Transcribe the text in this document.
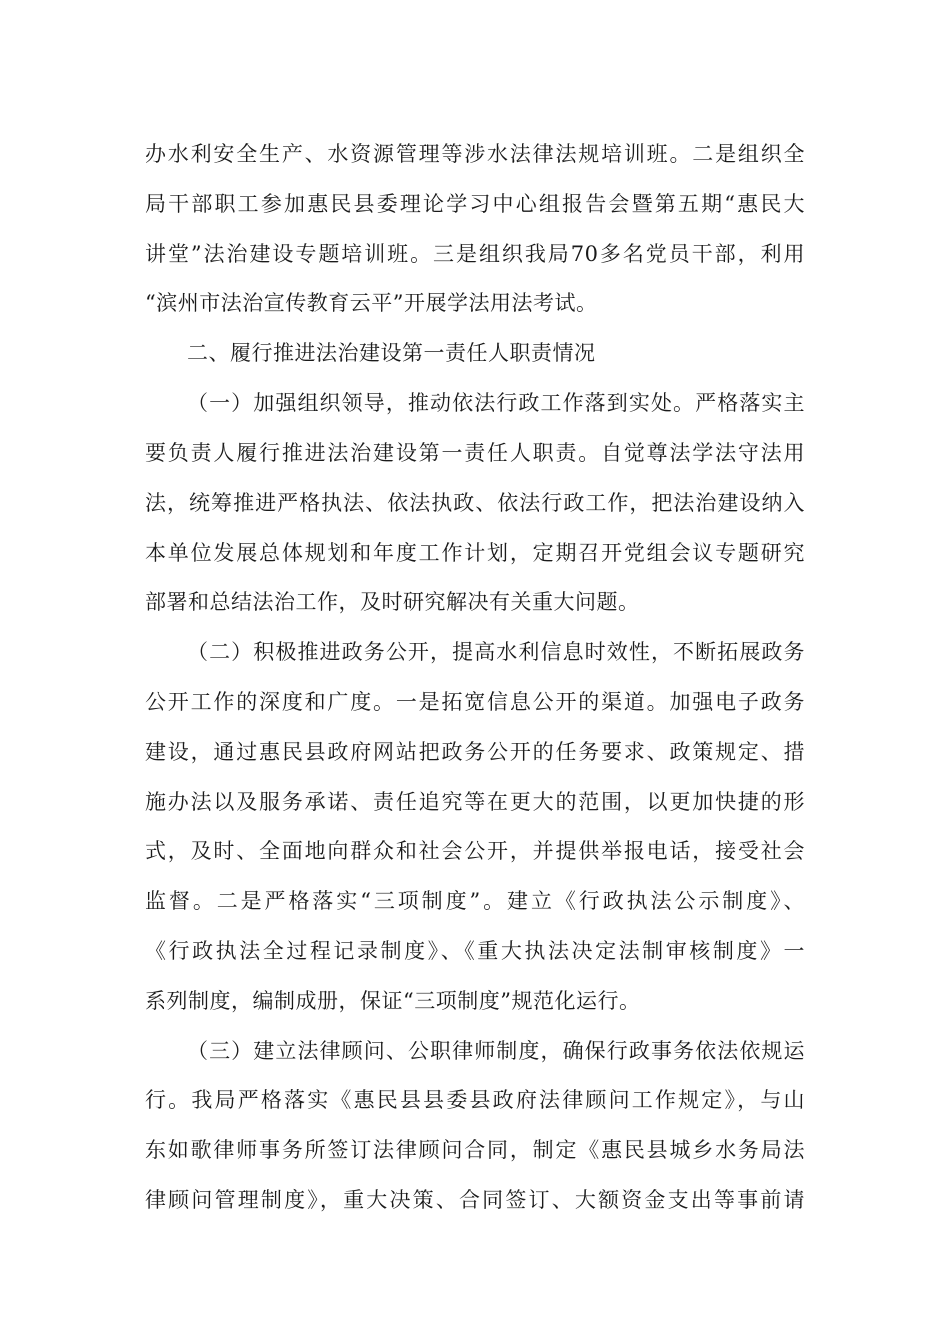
办水利安全生产、水资源管理等涉水法律法规培训班。二是组织全
局干部职工参加惠民县委理论学习中心组报告会暨第五期“惠民大
讲堂”法治建设专题培训班。三是组织我局70多名党员干部，利用
“滨州市法治宣传教育云平”开展学法用法考试。
二、履行推进法治建设第一责任人职责情况
（一）加强组织领导，推动依法行政工作落到实处。严格落实主
要负责人履行推进法治建设第一责任人职责。自觉尊法学法守法用
法，统筹推进严格执法、依法执政、依法行政工作，把法治建设纳入
本单位发展总体规划和年度工作计划，定期召开党组会议专题研究
部署和总结法治工作，及时研究解决有关重大问题。
（二）积极推进政务公开，提高水利信息时效性，不断拓展政务
公开工作的深度和广度。一是拓宽信息公开的渠道。加强电子政务
建设，通过惠民县政府网站把政务公开的任务要求、政策规定、措
施办法以及服务承诺、责任追究等在更大的范围，以更加快捷的形
式，及时、全面地向群众和社会公开，并提供举报电话，接受社会
监督。二是严格落实“三项制度”。建立《行政执法公示制度》、
《行政执法全过程记录制度》、《重大执法决定法制审核制度》一
系列制度，编制成册，保证“三项制度”规范化运行。
（三）建立法律顾问、公职律师制度，确保行政事务依法依规运
行。我局严格落实《惠民县县委县政府法律顾问工作规定》，与山
东如歌律师事务所签订法律顾问合同，制定《惠民县城乡水务局法
律顾问管理制度》，重大决策、合同签订、大额资金支出等事前请
